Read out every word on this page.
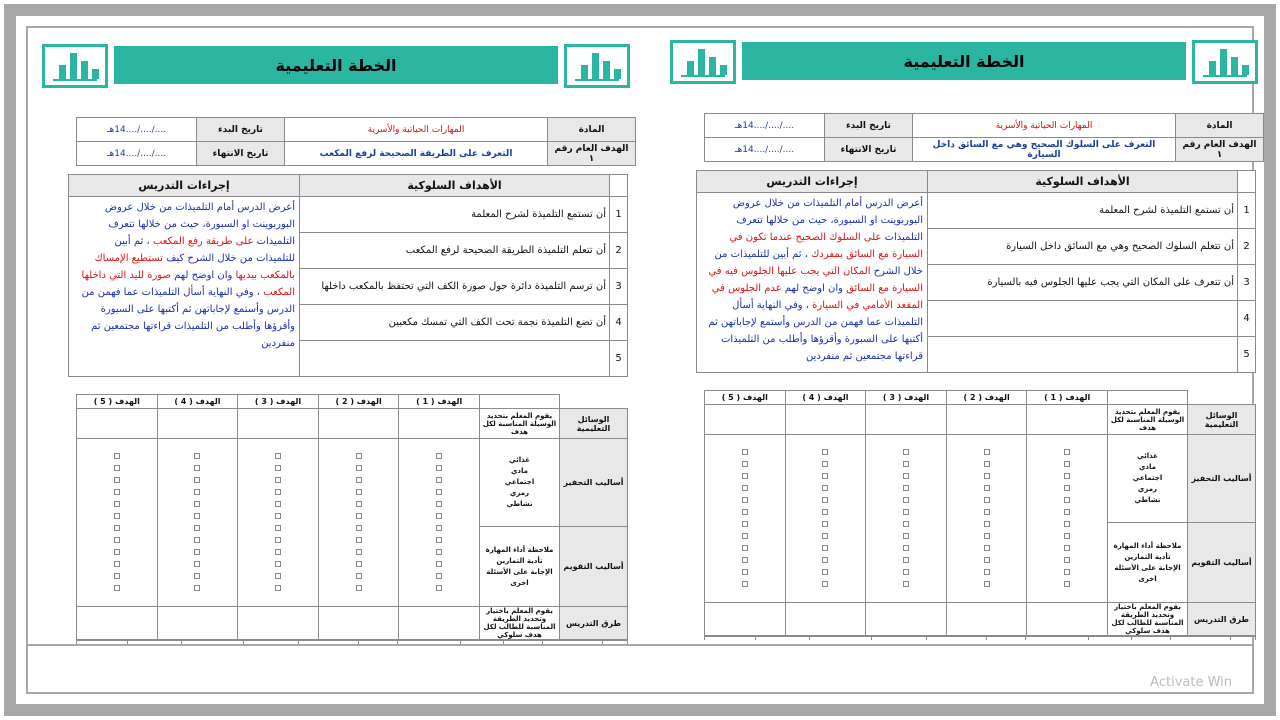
الخطة التعليمية
المادة	المهارات الحياتية والأسرية	تاريخ البدء	..../..../....14هـ
الهدف العام رقم ١	التعرف على السلوك الصحيح وهي مع السائق داخل السيارة	تاريخ الانتهاء	..../..../....14هـ
	الأهداف السلوكية	إجراءات التدريس
1	أن تستمع التلميذة لشرح المعلمة	أعرض الدرس أمام التلميذات من خلال عروض البوربوينت او السبورة، حيث من خلالها تتعرف التلميذات على السلوك الصحيح عندما تكون في السيارة مع السائق بمفردك ، ثم أبين للتلميذات من خلال الشرح المكان التي يجب عليها الجلوس فيه في السيارة مع السائق وان اوضح لهم عدم الجلوس في المقعد الأمامي في السيارة ، وفي النهاية أسأل التلميذات عما فهمن من الدرس وأستمع لإجاباتهن ثم أكتبها على السبورة وأقرؤها وأطلب من التلميذات قراءتها مجتمعين ثم منفردين
2	أن تتعلم السلوك الصحيح وهي مع السائق داخل السيارة	
3	أن تتعرف على المكان التي يجب عليها الجلوس فيه بالسيارة	
4		
5		
		الهدف ( 1 )	الهدف ( 2 )	الهدف ( 3 )	الهدف ( 4 )	الهدف ( 5 )
الوسائل التعليمية	يقوم المعلم بتحديد الوسيلة المناسبة لكل هدف					
أساليب التحفيز	غذائي
مادي
اجتماعي
رمزي
نشاطي					

أساليب التقويم	ملاحظة أداء المهارة
تأدية التمارين
الإجابة على الأسئلة
اخرى					

طرق التدريس	يقوم المعلم باختيار وتحديد الطريقة المناسبة للطالب لكل هدف سلوكي					

الخطة التعليمية
المادة	المهارات الحياتية والأسرية	تاريخ البدء	..../..../....14هـ
الهدف العام رقم ١	التعرف على الطريقة الصحيحة لرفع المكعب	تاريخ الانتهاء	..../..../....14هـ
	الأهداف السلوكية	إجراءات التدريس
1	أن تستمع التلميذة لشرح المعلمة	أعرض الدرس أمام التلميذات من خلال عروض البوربوينت او السبورة، حيث من خلالها تتعرف التلميذات على طريقة رفع المكعب ، ثم أبين للتلميذات من خلال الشرح كيف تستطيع الإمساك بالمكعب بيديها وان اوضح لهم صورة لليد التي داخلها المكعب ، وفي النهاية أسأل التلميذات عما فهمن من الدرس وأستمع لإجاباتهن ثم أكتبها على السبورة وأقرؤها وأطلب من التلميذات قراءتها مجتمعين ثم منفردين
2	أن تتعلم التلميذة الطريقة الصحيحة لرفع المكعب	
3	أن ترسم التلميذة دائرة حول صورة الكف التي تحتفظ بالمكعب داخلها	
4	أن تضع التلميذة نجمة تحت الكف التي تمسك مكعبين	
5		
		الهدف ( 1 )	الهدف ( 2 )	الهدف ( 3 )	الهدف ( 4 )	الهدف ( 5 )
الوسائل التعليمية	يقوم المعلم بتحديد الوسيلة المناسبة لكل هدف					
أساليب التحفيز	غذائي
مادي
اجتماعي
رمزي
نشاطي					

أساليب التقويم	ملاحظة أداء المهارة
تأدية التمارين
الإجابة على الأسئلة
اخرى					

طرق التدريس	يقوم المعلم باختيار وتحديد الطريقة المناسبة للطالب لكل هدف سلوكي					

Activate Win
